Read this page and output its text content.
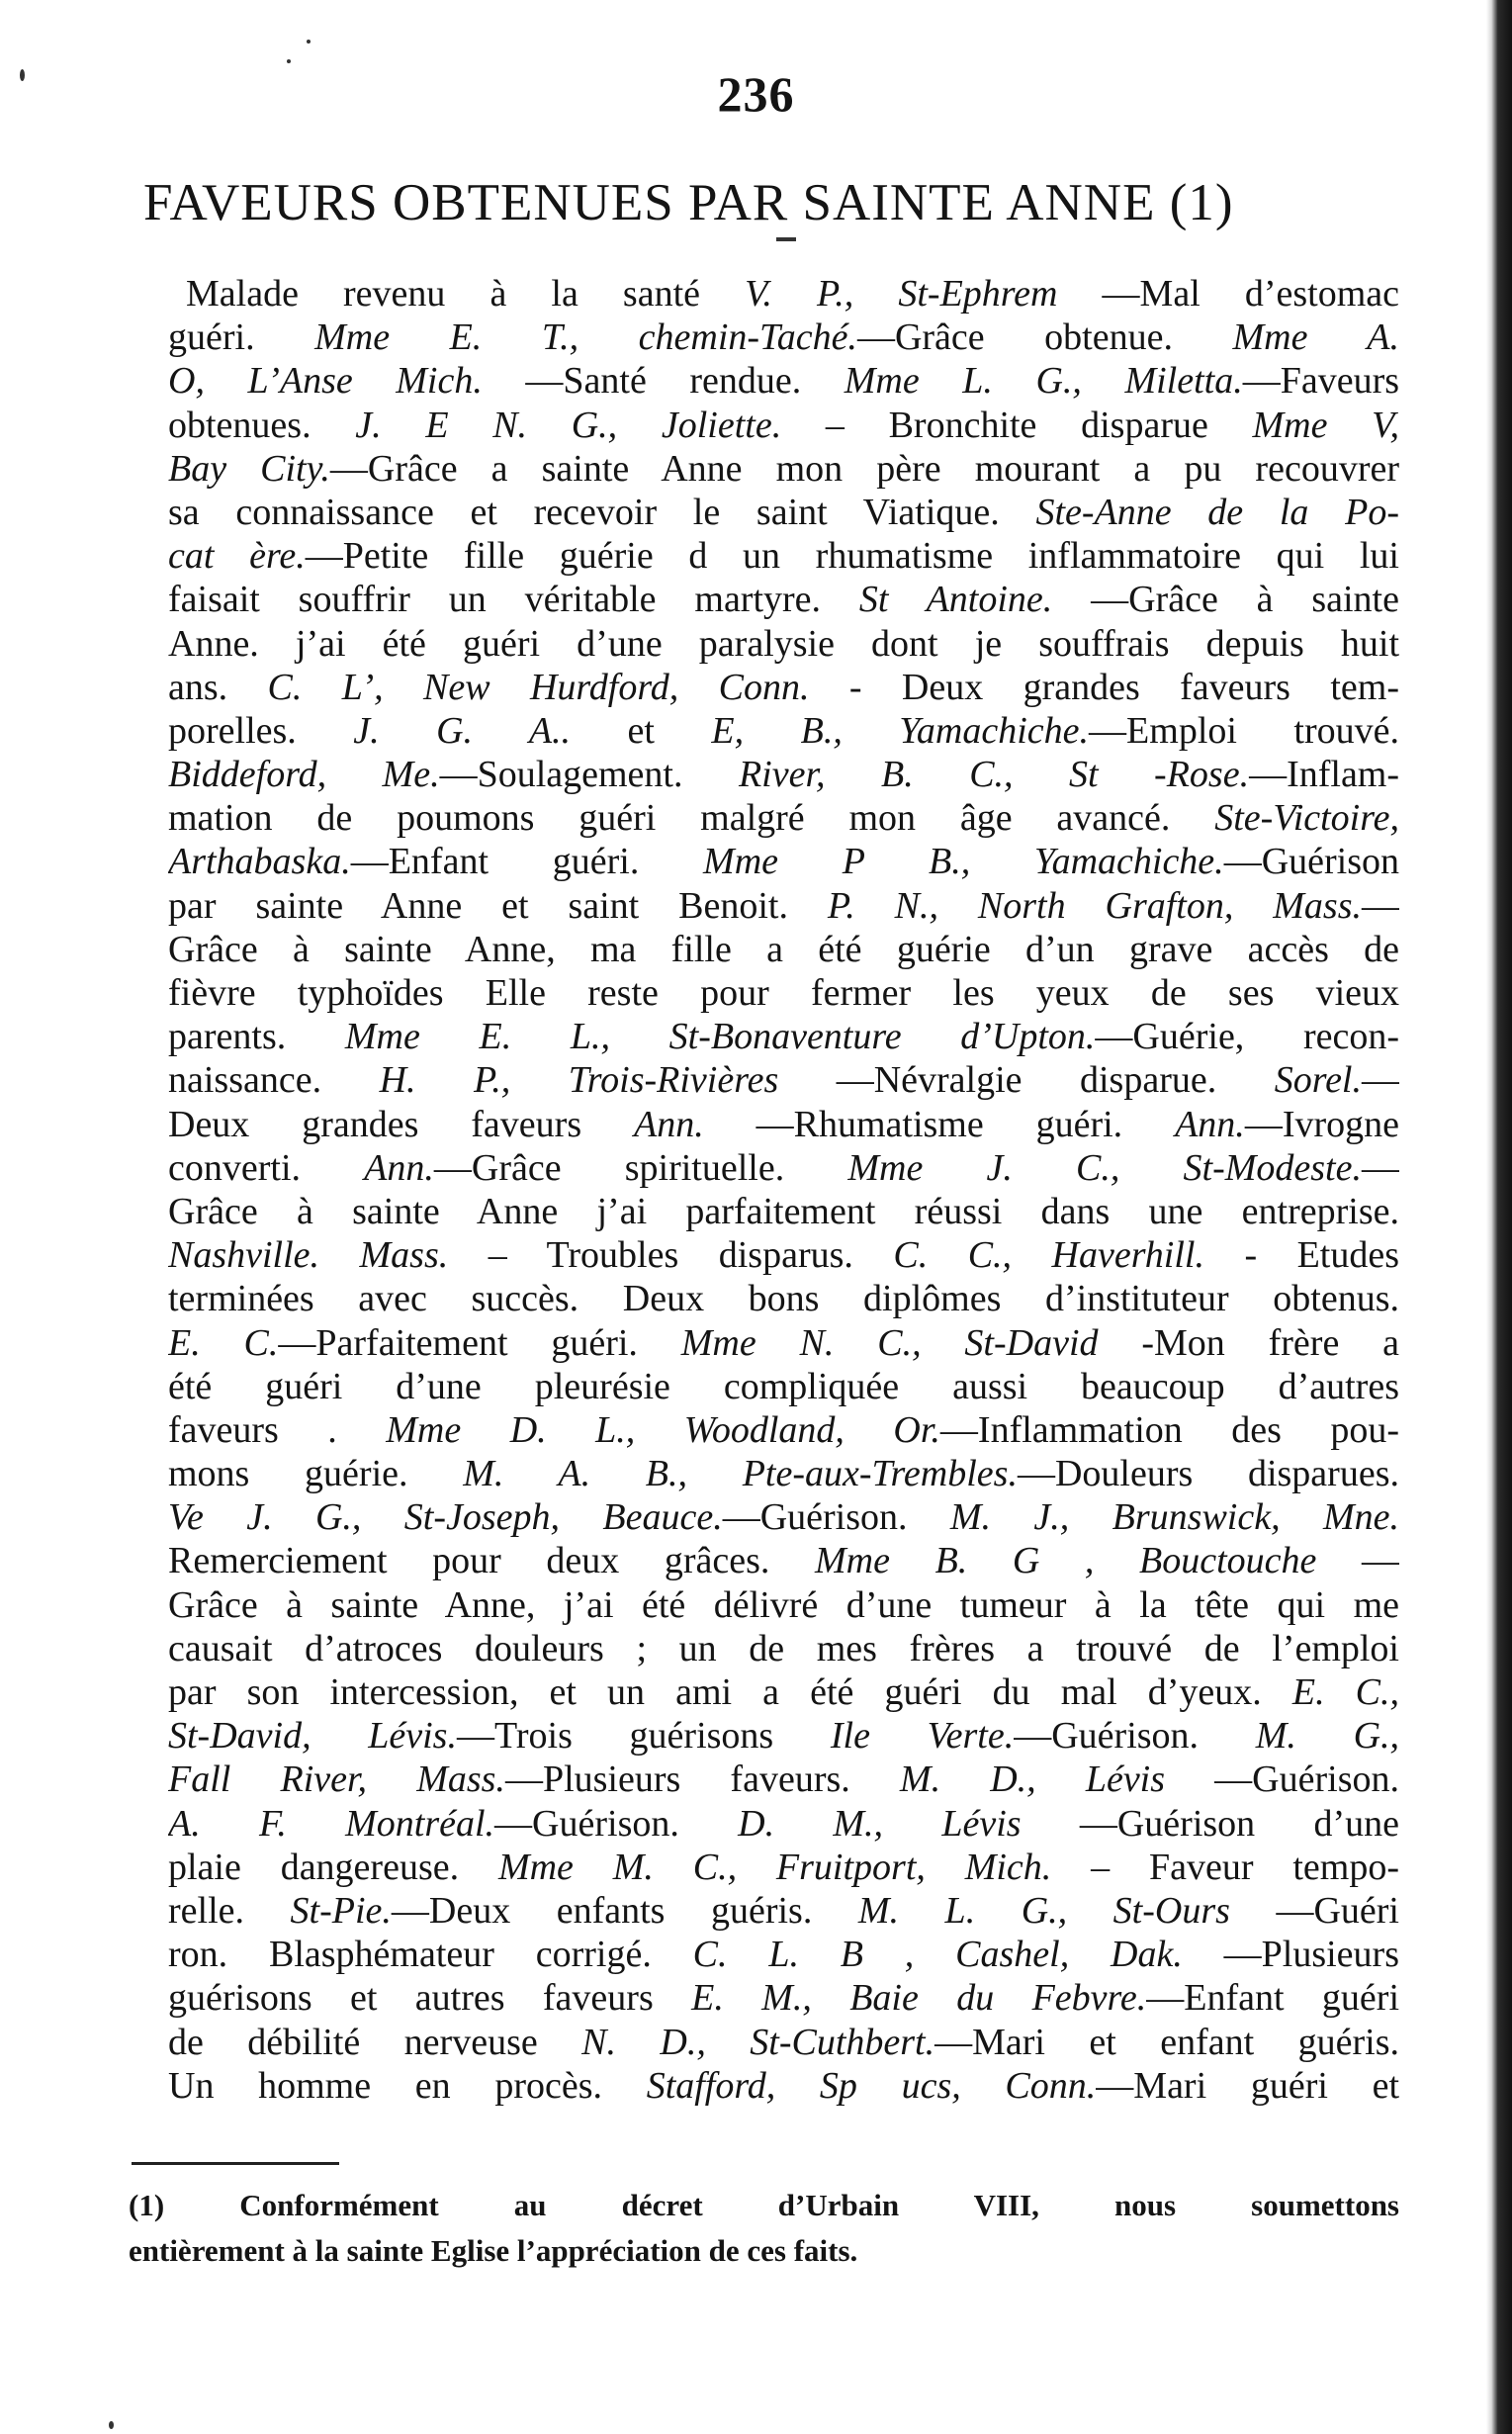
236
FAVEURS OBTENUES PAR SAINTE ANNE (1)
Malade revenu à la santé V. P., St-Ephrem —Mal d’estomac
guéri. Mme E. T., chemin-Taché.—Grâce obtenue. Mme A.
O, L’Anse Mich. —Santé rendue. Mme L. G., Miletta.—Faveurs
obtenues. J. E N. G., Joliette. – Bronchite disparue Mme V,
Bay City.—Grâce a sainte Anne mon père mourant a pu recouvrer
sa connaissance et recevoir le saint Viatique. Ste-Anne de la Po-
cat ère.—Petite fille guérie d un rhumatisme inflammatoire qui lui
faisait souffrir un véritable martyre. St Antoine. —Grâce à sainte
Anne. j’ai été guéri d’une paralysie dont je souffrais depuis huit
ans. C. L’, New Hurdford, Conn. - Deux grandes faveurs tem-
porelles. J. G. A.. et E, B., Yamachiche.—Emploi trouvé.
Biddeford, Me.—Soulagement. River, B. C., St -Rose.—Inflam-
mation de poumons guéri malgré mon âge avancé. Ste-Victoire,
Arthabaska.—Enfant guéri. Mme P B., Yamachiche.—Guérison
par sainte Anne et saint Benoit. P. N., North Grafton, Mass.—
Grâce à sainte Anne, ma fille a été guérie d’un grave accès de
fièvre typhoïdes Elle reste pour fermer les yeux de ses vieux
parents. Mme E. L., St-Bonaventure d’Upton.—Guérie, recon-
naissance. H. P., Trois-Rivières —Névralgie disparue. Sorel.—
Deux grandes faveurs Ann. —Rhumatisme guéri. Ann.—Ivrogne
converti. Ann.—Grâce spirituelle. Mme J. C., St-Modeste.—
Grâce à sainte Anne j’ai parfaitement réussi dans une entreprise.
Nashville. Mass. – Troubles disparus. C. C., Haverhill. - Etudes
terminées avec succès. Deux bons diplômes d’instituteur obtenus.
E. C.—Parfaitement guéri. Mme N. C., St-David -Mon frère a
été guéri d’une pleurésie compliquée aussi beaucoup d’autres
faveurs . Mme D. L., Woodland, Or.—Inflammation des pou-
mons guérie. M. A. B., Pte-aux-Trembles.—Douleurs disparues.
Ve J. G., St-Joseph, Beauce.—Guérison. M. J., Brunswick, Mne.
Remerciement pour deux grâces. Mme B. G , Bouctouche —
Grâce à sainte Anne, j’ai été délivré d’une tumeur à la tête qui me
causait d’atroces douleurs ; un de mes frères a trouvé de l’emploi
par son intercession, et un ami a été guéri du mal d’yeux. E. C.,
St-David, Lévis.—Trois guérisons Ile Verte.—Guérison. M. G.,
Fall River, Mass.—Plusieurs faveurs. M. D., Lévis —Guérison.
A. F. Montréal.—Guérison. D. M., Lévis —Guérison d’une
plaie dangereuse. Mme M. C., Fruitport, Mich. – Faveur tempo-
relle. St-Pie.—Deux enfants guéris. M. L. G., St-Ours —Guéri
ron. Blasphémateur corrigé. C. L. B , Cashel, Dak. —Plusieurs
guérisons et autres faveurs E. M., Baie du Febvre.—Enfant guéri
de débilité nerveuse N. D., St-Cuthbert.—Mari et enfant guéris.
Un homme en procès. Stafford, Sp ucs, Conn.—Mari guéri et
(1) Conformément au décret d’Urbain VIII, nous soumettons
entièrement à la sainte Eglise l’appréciation de ces faits.
